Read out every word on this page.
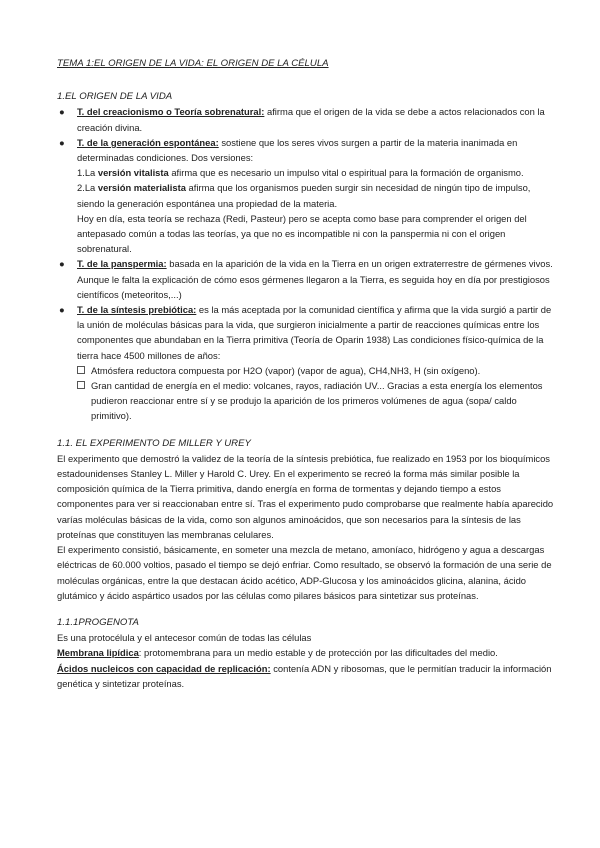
TEMA 1:EL ORIGEN DE LA VIDA: EL ORIGEN DE LA CÉLULA

1.EL ORIGEN DE LA VIDA

● T. del creacionismo o Teoría sobrenatural: afirma que el origen de la vida se debe a actos relacionados con la creación divina.
● T. de la generación espontánea: sostiene que los seres vivos surgen a partir de la materia inanimada en determinadas condiciones. Dos versiones:
1.La versión vitalista afirma que es necesario un impulso vital o espiritual para la formación de organismo.
2.La versión materialista afirma que los organismos pueden surgir sin necesidad de ningún tipo de impulso, siendo la generación espontánea una propiedad de la materia.
Hoy en día, esta teoría se rechaza (Redi, Pasteur) pero se acepta como base para comprender el origen del antepasado común a todas las teorías, ya que no es incompatible ni con la panspermia ni con el origen sobrenatural.
● T. de la panspermia: basada en la aparición de la vida en la Tierra en un origen extraterrestre de gérmenes vivos. Aunque le falta la explicación de cómo esos gérmenes llegaron a la Tierra, es seguida hoy en día por prestigiosos científicos (meteoritos,...)
● T. de la síntesis prebiótica: es la más aceptada por la comunidad científica y afirma que la vida surgió a partir de la unión de moléculas básicas para la vida, que surgieron inicialmente a partir de reacciones químicas entre los componentes que abundaban en la Tierra primitiva (Teoría de Oparin 1938) Las condiciones físico-química de la tierra hace 4500 millones de años:
Atmósfera reductora compuesta por H2O (vapor) (vapor de agua), CH4,NH3, H (sin oxígeno).
Gran cantidad de energía en el medio: volcanes, rayos, radiación UV... Gracias a esta energía los elementos pudieron reaccionar entre sí y se produjo la aparición de los primeros volúmenes de agua (sopa/ caldo primitivo).

1.1. EL EXPERIMENTO DE MILLER Y UREY

El experimento que demostró la validez de la teoría de la síntesis prebiótica, fue realizado en 1953 por los bioquímicos estadounidenses Stanley L. Miller y Harold C. Urey. En el experimento se recreó la forma más similar posible la composición química de la Tierra primitiva, dando energía en forma de tormentas y dejando tiempo a estos componentes para ver si reaccionaban entre sí. Tras el experimento pudo comprobarse que realmente había aparecido varías moléculas básicas de la vida, como son algunos aminoácidos, que son necesarios para la síntesis de las proteínas que constituyen las membranas celulares.

El experimento consistió, básicamente, en someter una mezcla de metano, amoníaco, hidrógeno y agua a descargas eléctricas de 60.000 voltios, pasado el tiempo se dejó enfriar. Como resultado, se observó la formación de una serie de moléculas orgánicas, entre la que destacan ácido acético, ADP-Glucosa y los aminoácidos glicina, alanina, ácido glutámico y ácido aspártico usados por las células como pilares básicos para sintetizar sus proteínas.

1.1.1PROGENOTA

Es una protocélula y el antecesor común de todas las células

Membrana lipídica: protomembrana para un medio estable y de protección por las dificultades del medio.

Ácidos nucleicos con capacidad de replicación: contenía ADN y ribosomas, que le permitían traducir la información genética y sintetizar proteínas.
